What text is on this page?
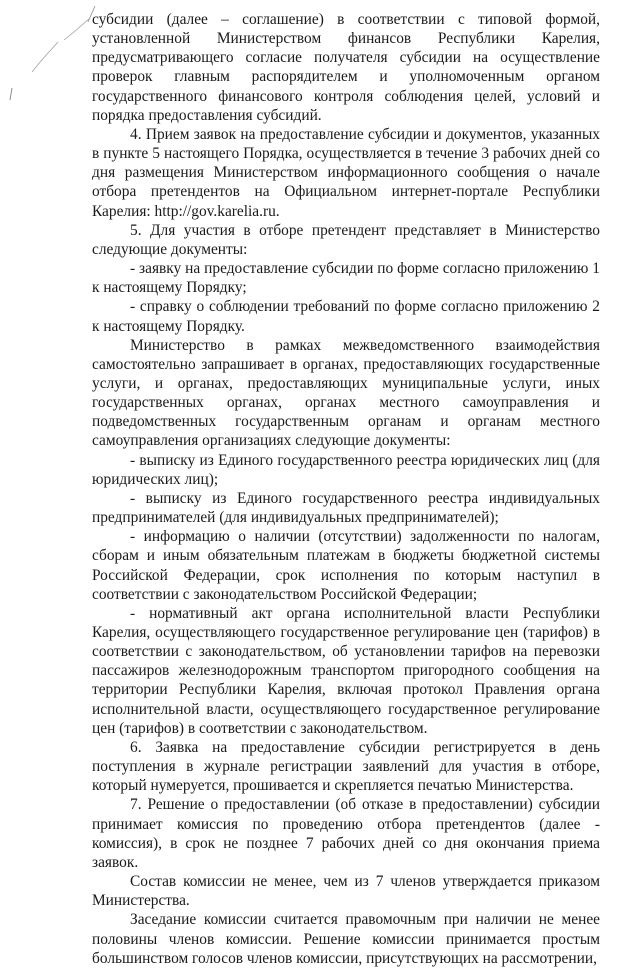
субсидии (далее – соглашение) в соответствии с типовой формой, установленной Министерством финансов Республики Карелия, предусматривающего согласие получателя субсидии на осуществление проверок главным распорядителем и уполномоченным органом государственного финансового контроля соблюдения целей, условий и порядка предоставления субсидий.

4. Прием заявок на предоставление субсидии и документов, указанных в пункте 5 настоящего Порядка, осуществляется в течение 3 рабочих дней со дня размещения Министерством информационного сообщения о начале отбора претендентов на Официальном интернет-портале Республики Карелия: http://gov.karelia.ru.

5. Для участия в отборе претендент представляет в Министерство следующие документы:

- заявку на предоставление субсидии по форме согласно приложению 1 к настоящему Порядку;

- справку о соблюдении требований по форме согласно приложению 2 к настоящему Порядку.

Министерство в рамках межведомственного взаимодействия самостоятельно запрашивает в органах, предоставляющих государственные услуги, и органах, предоставляющих муниципальные услуги, иных государственных органах, органах местного самоуправления и подведомственных государственным органам и органам местного самоуправления организациях следующие документы:

- выписку из Единого государственного реестра юридических лиц (для юридических лиц);

- выписку из Единого государственного реестра индивидуальных предпринимателей (для индивидуальных предпринимателей);

- информацию о наличии (отсутствии) задолженности по налогам, сборам и иным обязательным платежам в бюджеты бюджетной системы Российской Федерации, срок исполнения по которым наступил в соответствии с законодательством Российской Федерации;

- нормативный акт органа исполнительной власти Республики Карелия, осуществляющего государственное регулирование цен (тарифов) в соответствии с законодательством, об установлении тарифов на перевозки пассажиров железнодорожным транспортом пригородного сообщения на территории Республики Карелия, включая протокол Правления органа исполнительной власти, осуществляющего государственное регулирование цен (тарифов) в соответствии с законодательством.

6. Заявка на предоставление субсидии регистрируется в день поступления в журнале регистрации заявлений для участия в отборе, который нумеруется, прошивается и скрепляется печатью Министерства.

7. Решение о предоставлении (об отказе в предоставлении) субсидии принимает комиссия по проведению отбора претендентов (далее - комиссия), в срок не позднее 7 рабочих дней со дня окончания приема заявок.

Состав комиссии не менее, чем из 7 членов утверждается приказом Министерства.

Заседание комиссии считается правомочным при наличии не менее половины членов комиссии. Решение комиссии принимается простым большинством голосов членов комиссии, присутствующих на рассмотрении,
